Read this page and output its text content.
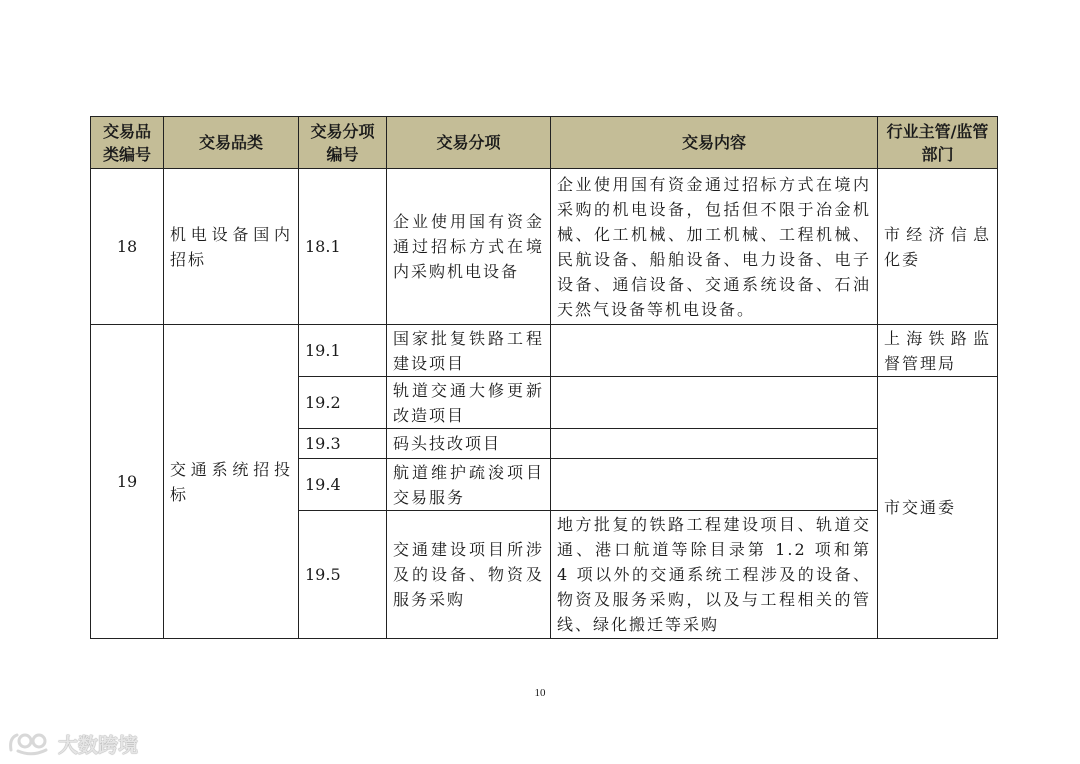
交易品类编号	交易品类	交易分项编号	交易分项	交易内容	行业主管/监管部门
18	机电设备国内招标	18.1	企业使用国有资金通过招标方式在境内采购机电设备	企业使用国有资金通过招标方式在境内采购的机电设备，包括但不限于冶金机械、化工机械、加工机械、工程机械、民航设备、船舶设备、电力设备、电子设备、通信设备、交通系统设备、石油天然气设备等机电设备。	市经济信息化委
19	交通系统招投标	19.1	国家批复铁路工程建设项目		上海铁路监督管理局
		19.2	轨道交通大修更新改造项目		市交通委
		19.3	码头技改项目		
		19.4	航道维护疏浚项目交易服务		
		19.5	交通建设项目所涉及的设备、物资及服务采购	地方批复的铁路工程建设项目、轨道交通、港口航道等除目录第 1.2 项和第 4 项以外的交通系统工程涉及的设备、物资及服务采购，以及与工程相关的管线、绿化搬迁等采购	
10
大数跨境
